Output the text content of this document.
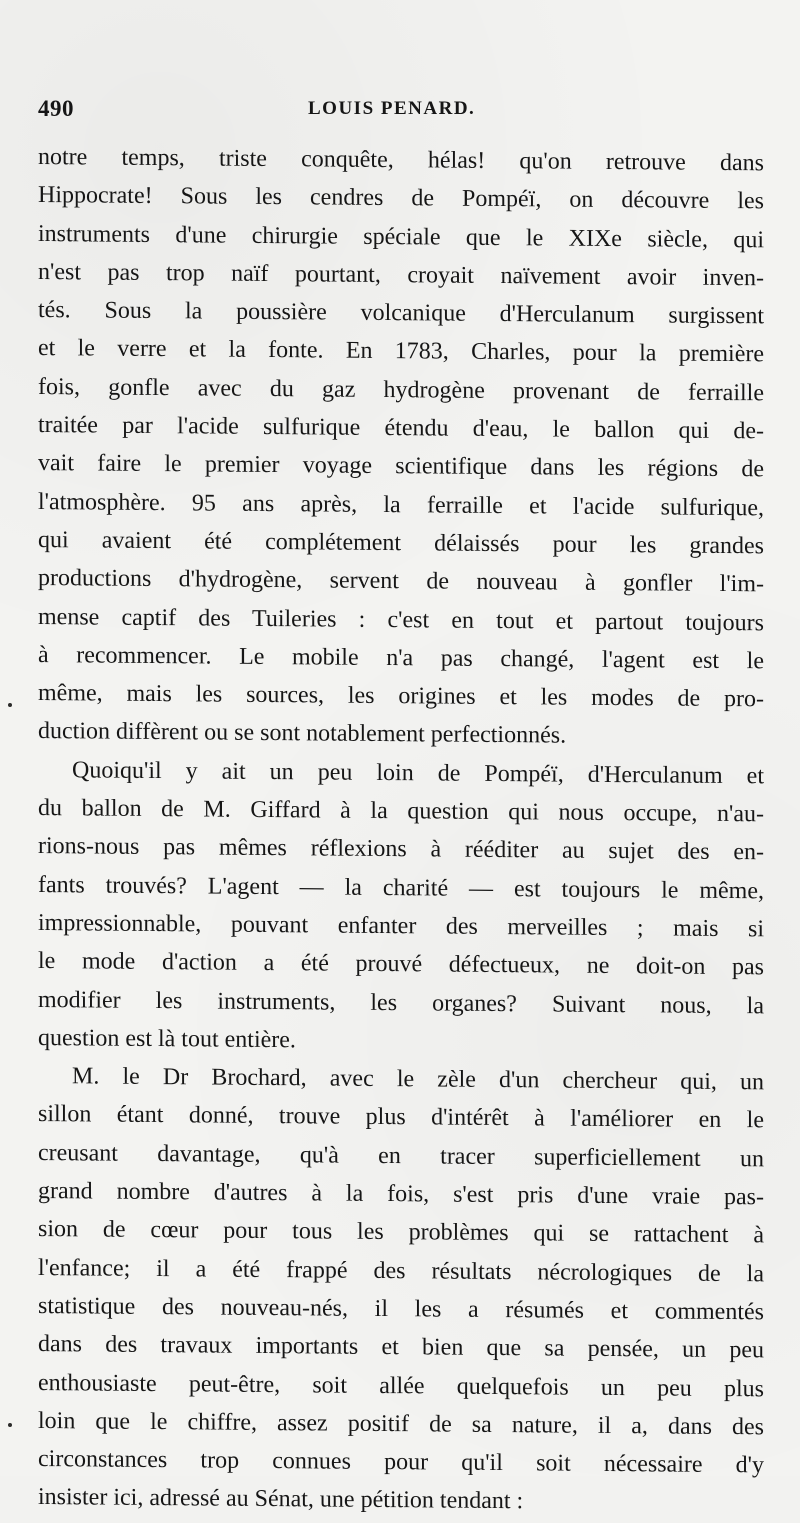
490	LOUIS PENARD.
notre temps, triste conquête, hélas! qu'on retrouve dans
Hippocrate! Sous les cendres de Pompéï, on découvre les
instruments d'une chirurgie spéciale que le XIXe siècle, qui
n'est pas trop naïf pourtant, croyait naïvement avoir inven-
tés. Sous la poussière volcanique d'Herculanum surgissent
et le verre et la fonte. En 1783, Charles, pour la première
fois, gonfle avec du gaz hydrogène provenant de ferraille
traitée par l'acide sulfurique étendu d'eau, le ballon qui de-
vait faire le premier voyage scientifique dans les régions de
l'atmosphère. 95 ans après, la ferraille et l'acide sulfurique,
qui avaient été complétement délaissés pour les grandes
productions d'hydrogène, servent de nouveau à gonfler l'im-
mense captif des Tuileries : c'est en tout et partout toujours
à recommencer. Le mobile n'a pas changé, l'agent est le
même, mais les sources, les origines et les modes de pro-
duction diffèrent ou se sont notablement perfectionnés.
Quoiqu'il y ait un peu loin de Pompéï, d'Herculanum et
du ballon de M. Giffard à la question qui nous occupe, n'au-
rions-nous pas mêmes réflexions à rééditer au sujet des en-
fants trouvés? L'agent — la charité — est toujours le même,
impressionnable, pouvant enfanter des merveilles ; mais si
le mode d'action a été prouvé défectueux, ne doit-on pas
modifier les instruments, les organes? Suivant nous, la
question est là tout entière.
M. le Dr Brochard, avec le zèle d'un chercheur qui, un
sillon étant donné, trouve plus d'intérêt à l'améliorer en le
creusant davantage, qu'à en tracer superficiellement un
grand nombre d'autres à la fois, s'est pris d'une vraie pas-
sion de cœur pour tous les problèmes qui se rattachent à
l'enfance; il a été frappé des résultats nécrologiques de la
statistique des nouveau-nés, il les a résumés et commentés
dans des travaux importants et bien que sa pensée, un peu
enthousiaste peut-être, soit allée quelquefois un peu plus
loin que le chiffre, assez positif de sa nature, il a, dans des
circonstances trop connues pour qu'il soit nécessaire d'y
insister ici, adressé au Sénat, une pétition tendant :
